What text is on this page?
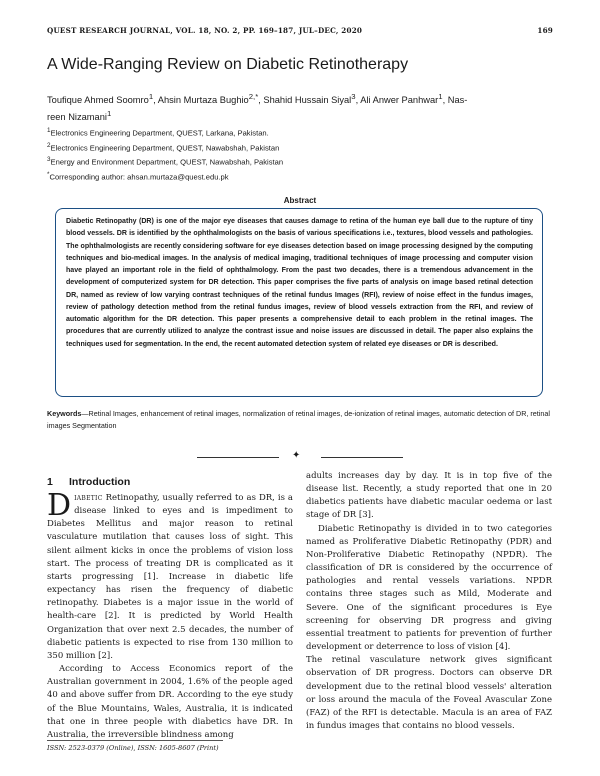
QUEST RESEARCH JOURNAL, VOL. 18, NO. 2, PP. 169–187, JUL–DEC, 2020	169
A Wide-Ranging Review on Diabetic Retinotherapy
Toufique Ahmed Soomro$^1$, Ahsin Murtaza Bughio$^{2,*}$, Shahid Hussain Siyal$^3$, Ali Anwer Panhwar$^1$, Nas-
reen Nizamani$^1$
$^1$Electronics Engineering Department, QUEST, Larkana, Pakistan.
$^2$Electronics Engineering Department, QUEST, Nawabshah, Pakistan
$^3$Energy and Environment Department, QUEST, Nawabshah, Pakistan
*Corresponding author: ahsan.murtaza@quest.edu.pk
Abstract
Diabetic Retinopathy (DR) is one of the major eye diseases that causes damage to retina of the human eye ball due to the rupture of tiny blood vessels. DR is identified by the ophthalmologists on the basis of various specifications i.e., textures, blood vessels and pathologies. The ophthalmologists are recently considering software for eye diseases detection based on image processing designed by the computing techniques and bio-medical images. In the analysis of medical imaging, traditional techniques of image processing and computer vision have played an important role in the field of ophthalmology. From the past two decades, there is a tremendous advancement in the development of computerized system for DR detection. This paper comprises the five parts of analysis on image based retinal detection DR, named as review of low varying contrast techniques of the retinal fundus Images (RFI), review of noise effect in the fundus images, review of pathology detection method from the retinal fundus images, review of blood vessels extraction from the RFI, and review of automatic algorithm for the DR detection. This paper presents a comprehensive detail to each problem in the retinal images. The procedures that are currently utilized to analyze the contrast issue and noise issues are discussed in detail. The paper also explains the techniques used for segmentation. In the end, the recent automated detection system of related eye diseases or DR is described.
Keywords—Retinal Images, enhancement of retinal images, normalization of retinal images, de-ionization of retinal images, automatic detection of DR, retinal images Segmentation
✦

Diabetic Retinopathy, usually referred to as DR, is a disease linked to eyes and is impediment to Diabetes Mellitus and major reason to retinal vasculature mutilation that causes loss of sight. This silent ailment kicks in once the problems of vision loss start. The process of treating DR is complicated as it starts progressing [1]. Increase in diabetic life expectancy has risen the frequency of diabetic retinopathy. Diabetes is a major issue in the world of health-care [2]. It is predicted by World Health Organization that over next 2.5 decades, the number of diabetic patients is expected to rise from 130 million to 350 million [2].

According to Access Economics report of the Australian government in 2004, 1.6% of the people aged 40 and above suffer from DR. According to the eye study of the Blue Mountains, Wales, Australia, it is indicated that one in three people with diabetics have DR. In Australia, the irreversible blindness among

1 Introduction	adults increases day by day. It is in top five of the disease list. Recently, a study reported that one in 20 diabetics patients have diabetic macular oedema or last stage of DR [3].

Diabetic Retinopathy is divided in to two categories named as Proliferative Diabetic Retinopathy (PDR) and Non-Proliferative Diabetic Retinopathy (NPDR). The classification of DR is considered by the occurrence of pathologies and rental vessels variations. NPDR contains three stages such as Mild, Moderate and Severe. One of the significant procedures is Eye screening for observing DR progress and giving essential treatment to patients for prevention of further development or deterrence to loss of vision [4].

The retinal vasculature network gives significant observation of DR progress. Doctors can observe DR development due to the retinal blood vessels' alteration or loss around the macula of the Foveal Avascular Zone (FAZ) of the RFI is detectable. Macula is an area of FAZ in fundus images that contains no blood vessels.

ISSN: 2523-0379 (Online), ISSN: 1605-8607 (Print)
